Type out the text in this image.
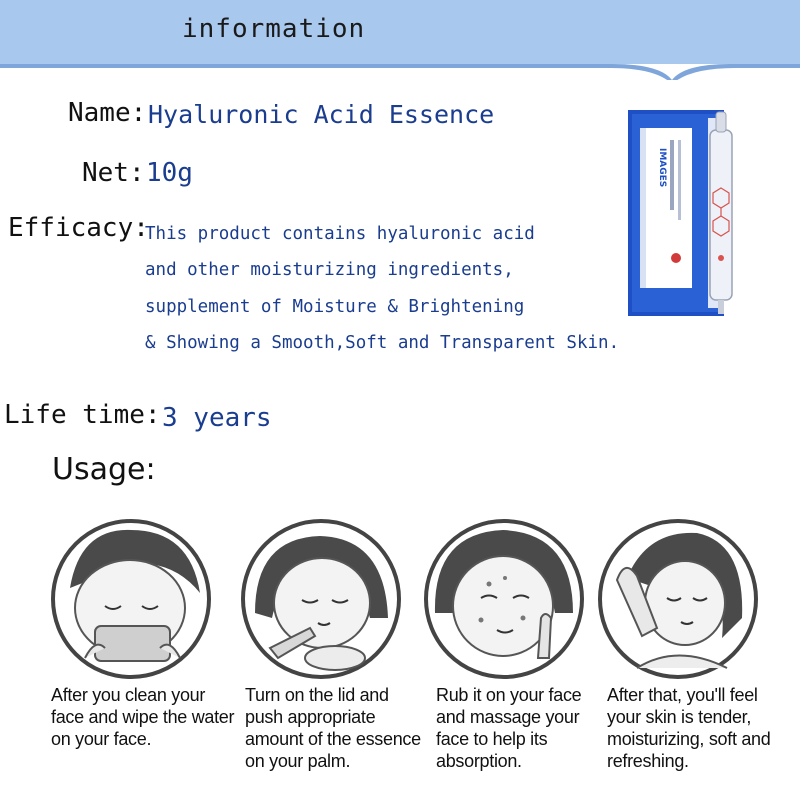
information
Name: Hyaluronic Acid Essence
Net: 10g
Efficacy:
This product contains hyaluronic acid
and other moisturizing ingredients,
supplement of Moisture & Brightening
& Showing a Smooth,Soft and Transparent Skin.
Life time: 3 years
IMAGES
Usage:
After you clean your
face and wipe the water
on your face.
Turn on the lid and
push appropriate
amount of the essence
on your palm.
Rub it on your face
and massage your
face to help its
absorption.
After that, you'll feel
your skin is tender,
moisturizing, soft and
refreshing.
